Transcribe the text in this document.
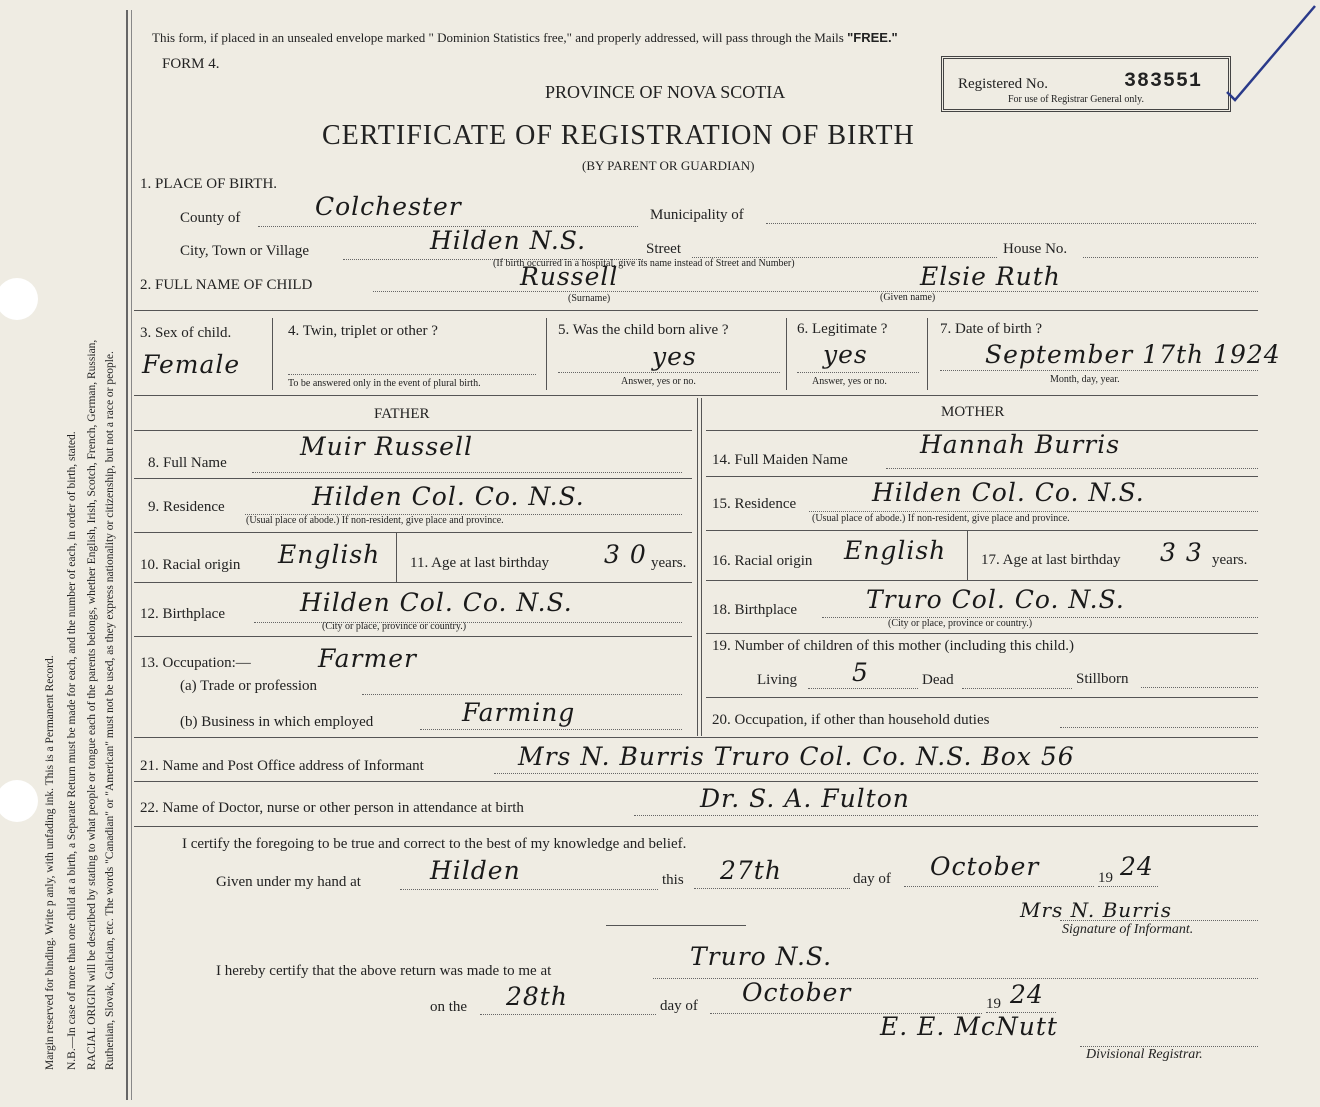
Margin reserved for binding. Write p anly, with unfading ink. This is a Permanent Record. N.B.—In case of more than one child at a birth, a Separate Return must be made for each, and the number of each, in order of birth, stated. RACIAL ORIGIN will be described by stating to what people or tongue each of the parents belongs, whether English, Irish, Scotch, French, German, Russian, Ruthenian, Slovak, Galician, etc. The words "Canadian" or "American" must not be used, as they express nationality or citizenship, but not a race or people.
This form, if placed in an unsealed envelope marked " Dominion Statistics free," and properly addressed, will pass through the Mails "FREE."
FORM 4.
Registered No.	383551
For use of Registrar General only.
PROVINCE OF NOVA SCOTIA
CERTIFICATE OF REGISTRATION OF BIRTH
(BY PARENT OR GUARDIAN)
1. PLACE OF BIRTH.
County of	Colchester	Municipality of
City, Town or Village	Hilden N.S.	Street	House No.
(If birth occurred in a hospital, give its name instead of Street and Number)
2. FULL NAME OF CHILD	Russell
(Surname)
Elsie Ruth
(Given name)
3. Sex of child.
Female
4. Twin, triplet or other ?
To be answered only in the event of plural birth.
5. Was the child born alive ?
yes
Answer, yes or no.
6. Legitimate ?
yes
Answer, yes or no.
7. Date of birth ?
September 17th 1924
Month, day, year.
FATHER
8. Full Name
Muir Russell
9. Residence	Hilden Col. Co. N.S.
(Usual place of abode.) If non-resident, give place and province.
10. Racial origin English 11. Age at last birthday 30
years.
12. Birthplace	Hilden Col. Co. N.S.
(City or place, province or country.)
13. Occupation:—	Farmer
(a) Trade or profession
(b) Business in which employed	Farming
MOTHER
14. Full Maiden Name
Hannah Burris
15. Residence	Hilden Col. Co. N.S.
(Usual place of abode.) If non-resident, give place and province.
16. Racial origin English 17. Age at last birthday 33 years.
18. Birthplace	Truro Col. Co. N.S.
(City or place, province or country.)
19. Number of children of this mother (including this child.)
Living 5	Dead	Stillborn
20. Occupation, if other than household duties
21. Name and Post Office address of Informant	Mrs N. Burris Truro Col. Co. N.S. Box 56
22. Name of Doctor, nurse or other person in attendance at birth	Dr. S. A. Fulton
I certify the foregoing to be true and correct to the best of my knowledge and belief.
Given under my hand at	Hilden	this 27th	day of October	19 24
Mrs N. Burris
Signature of Informant.
I hereby certify that the above return was made to me at	Truro N.S.
on the 28th	day of October	19 24
E. E. McNutt
Divisional Registrar.
